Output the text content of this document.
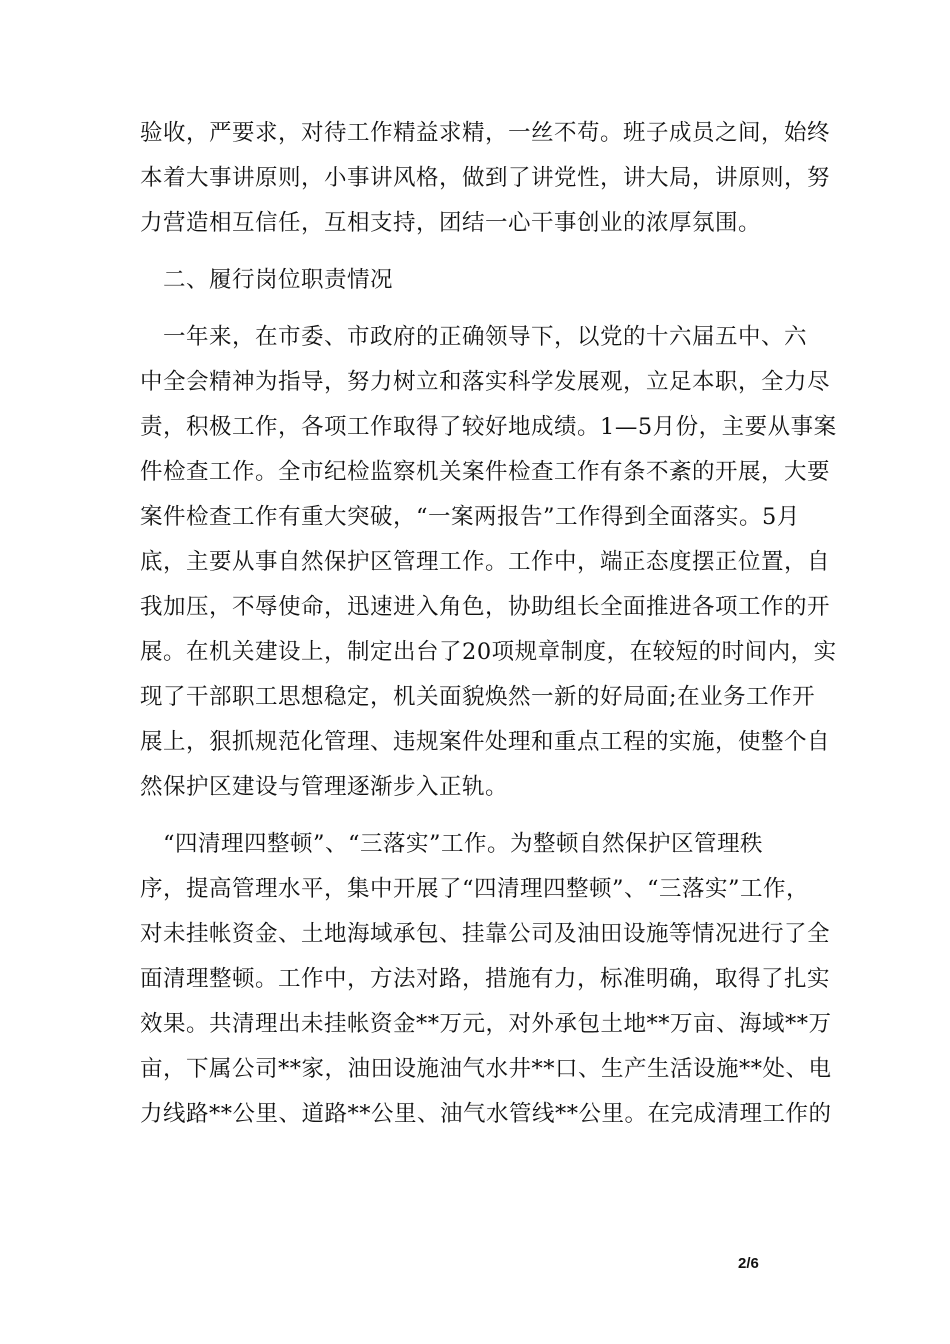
验收，严要求，对待工作精益求精，一丝不苟。班子成员之间，始终
本着大事讲原则，小事讲风格，做到了讲党性，讲大局，讲原则，努
力营造相互信任，互相支持，团结一心干事创业的浓厚氛围。
　二、履行岗位职责情况
　一年来，在市委、市政府的正确领导下，以党的十六届五中、六
中全会精神为指导，努力树立和落实科学发展观，立足本职，全力尽
责，积极工作，各项工作取得了较好地成绩。1—5月份，主要从事案
件检查工作。全市纪检监察机关案件检查工作有条不紊的开展，大要
案件检查工作有重大突破，“一案两报告”工作得到全面落实。5月
底，主要从事自然保护区管理工作。工作中，端正态度摆正位置，自
我加压，不辱使命，迅速进入角色，协助组长全面推进各项工作的开
展。在机关建设上，制定出台了20项规章制度，在较短的时间内，实
现了干部职工思想稳定，机关面貌焕然一新的好局面;在业务工作开
展上，狠抓规范化管理、违规案件处理和重点工程的实施，使整个自
然保护区建设与管理逐渐步入正轨。
　“四清理四整顿”、“三落实”工作。为整顿自然保护区管理秩
序，提高管理水平，集中开展了“四清理四整顿”、“三落实”工作，
对未挂帐资金、土地海域承包、挂靠公司及油田设施等情况进行了全
面清理整顿。工作中，方法对路，措施有力，标准明确，取得了扎实
效果。共清理出未挂帐资金**万元，对外承包土地**万亩、海域**万
亩，下属公司**家，油田设施油气水井**口、生产生活设施**处、电
力线路**公里、道路**公里、油气水管线**公里。在完成清理工作的
2/6
